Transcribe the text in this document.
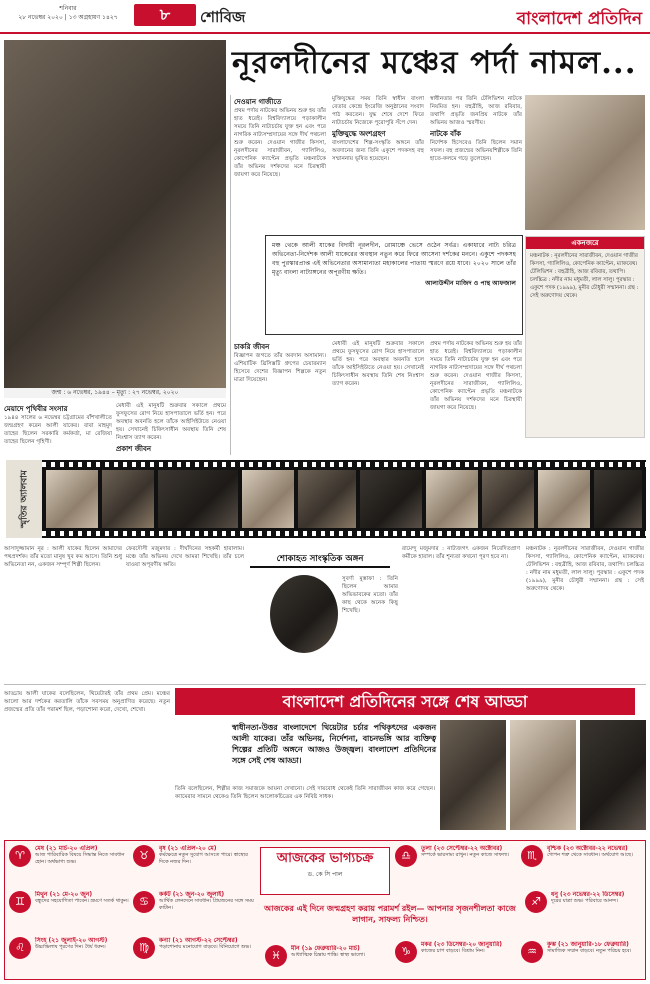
শনিবার
২৮ নভেম্বর ২০২০ | ১৩ অগ্রহায়ণ ১৪২৭	৮	শোবিজ	বাংলাদেশ প্রতিদিন
নূরলদীনের মঞ্চের পর্দা নামল...
জন্ম : ৬ নভেম্বর, ১৯৪৪ – মৃত্যু : ২৭ নভেম্বর, ২০২০
মেয়াদে পৃথিবীর সংসার
১৯৪৪ সালের ৬ নভেম্বর চট্টগ্রামের বাঁশখালীতে জন্মগ্রহণ করেন আলী যাকের। বাবা মাহমুদ তাহের ছিলেন সরকারি কর্মকর্তা, মা রেজিয়া তাহের ছিলেন গৃহিণী।
মেধাবী এই মানুষটি শুক্রবার সকালে প্রথমে ফুসফুসের রোগ নিয়ে হাসপাতালে ভর্তি হন। পরে অবস্থার অবনতি হলে তাঁকে আইসিইউতে নেওয়া হয়। সেখানেই চিকিৎসাধীন অবস্থায় তিনি শেষ নিঃশ্বাস ত্যাগ করেন।
প্রকাশ জীবন
দেওয়ান গাজীতে
প্রথম পর্দায় নাটকের অভিনয় শুরু হয় তাঁর হাত ধরেই। বিশ্ববিদ্যালয়ে পড়াকালীন সময়ে তিনি নাট্যচর্চায় যুক্ত হন এবং পরে নাগরিক নাট্যসম্প্রদায়ের সঙ্গে দীর্ঘ পথচলা শুরু করেন। দেওয়ান গাজীর কিসসা, নূরলদীনের সারাজীবন, গ্যালিলিও, কোপেনিক ক্যাপ্টেন প্রভৃতি মঞ্চনাটকে তাঁর অভিনয় দর্শকদের মনে চিরস্থায়ী জায়গা করে নিয়েছে।
চাকরি জীবন
বিজ্ঞাপন জগতে তাঁর অবদান অসামান্য। এশিয়াটিক থ্রিসিক্সটি গ্রুপের চেয়ারম্যান হিসেবে দেশের বিজ্ঞাপন শিল্পকে নতুন মাত্রা দিয়েছেন।
মুক্তিযুদ্ধের সময় তিনি স্বাধীন বাংলা বেতার কেন্দ্রে ইংরেজি অনুষ্ঠানের সংবাদ পাঠ করতেন। যুদ্ধ শেষে দেশে ফিরে নাট্যচর্চায় নিজেকে পুরোপুরি সঁপে দেন।
মুক্তিযুদ্ধে অংশগ্রহণ
বাংলাদেশের শিল্প-সংস্কৃতি অঙ্গনে তাঁর অবদানের জন্য তিনি একুশে পদকসহ বহু সম্মাননায় ভূষিত হয়েছেন।
মেধাবী এই মানুষটি শুক্রবার সকালে প্রথমে ফুসফুসের রোগ নিয়ে হাসপাতালে ভর্তি হন। পরে অবস্থার অবনতি হলে তাঁকে আইসিইউতে নেওয়া হয়। সেখানেই চিকিৎসাধীন অবস্থায় তিনি শেষ নিঃশ্বাস ত্যাগ করেন।
স্বাধীনতার পর তিনি টেলিভিশন নাটকে নিয়মিত হন। বহুব্রীহি, আজ রবিবার, তথাপি প্রভৃতি জনপ্রিয় নাটকে তাঁর অভিনয় আজও স্মরণীয়।
নাটকে বাঁক
নির্দেশক হিসেবেও তিনি ছিলেন সমান সফল। বহু প্রজন্মের অভিনয়শিল্পীকে তিনি হাতে-কলমে গড়ে তুলেছেন।
প্রথম পর্দায় নাটকের অভিনয় শুরু হয় তাঁর হাত ধরেই। বিশ্ববিদ্যালয়ে পড়াকালীন সময়ে তিনি নাট্যচর্চায় যুক্ত হন এবং পরে নাগরিক নাট্যসম্প্রদায়ের সঙ্গে দীর্ঘ পথচলা শুরু করেন। দেওয়ান গাজীর কিসসা, নূরলদীনের সারাজীবন, গ্যালিলিও, কোপেনিক ক্যাপ্টেন প্রভৃতি মঞ্চনাটকে তাঁর অভিনয় দর্শকদের মনে চিরস্থায়ী জায়গা করে নিয়েছে।
মঞ্চ থেকে আলী যাকের বিদায়ী নূরলদীন, রোমাঞ্চে ভেসে ওঠেন সর্বত্র। একাধারে নাট্য চরিত্র অভিনেতা-নির্দেশক আলী যাকেরের অবস্থান নতুন করে ফিরে আসেনা দর্শকের মননে। একুশে পদকসহ বহু পুরস্কারপ্রাপ্ত এই অভিনেতার অসামান্যতা মহাকালের পাতায় স্মরণে রয়ে যাবে। ২০২০ সালে তাঁর মৃত্যু বাংলা নাট্যাঙ্গনের অপূরণীয় ক্ষতি।
আলাউদ্দীন মাজিদ ও পান্থ আফজাল
একনজরে
মঞ্চনাটক : নূরলদীনের সারাজীবন, দেওয়ান গাজীর কিসসা, গ্যালিলিও, কোপেনিক ক্যাপ্টেন, ম্যাকবেথ। টেলিভিশন : বহুব্রীহি, আজ রবিবার, তথাপি। চলচ্চিত্র : নদীর নাম মধুমতী, লাল সালু। পুরস্কার : একুশে পদক (১৯৯৯), মুনীর চৌধুরী সম্মাননা। গ্রন্থ : সেই অরুণোদয় থেকে।
স্মৃতির অ্যালবাম
আসাদুজ্জামান নূর : আলী যাকের ছিলেন আমাদের পথপ্রদর্শক। তাঁর মতো মানুষ খুব কম আসে। তিনি শুধু অভিনেতা নন, একজন সম্পূর্ণ শিল্পী ছিলেন।
ফেরদৌসী মজুমদার : দীর্ঘদিনের সহকর্মী হারালাম। মঞ্চে তাঁর অভিনয় দেখে আমরা শিখেছি। তাঁর চলে যাওয়া অপূরণীয় ক্ষতি।
শোকাহত সাংস্কৃতিক অঙ্গন
সুবর্ণা মুস্তাফা : তিনি ছিলেন আমার অভিভাবকের মতো। তাঁর কাছ থেকে অনেক কিছু শিখেছি।
রামেন্দু মজুমদার : নাট্যজগৎ একজন নিবেদিতপ্রাণ কর্মীকে হারাল। তাঁর শূন্যতা কখনো পূরণ হবে না।
মঞ্চনাটক : নূরলদীনের সারাজীবন, দেওয়ান গাজীর কিসসা, গ্যালিলিও, কোপেনিক ক্যাপ্টেন, ম্যাকবেথ। টেলিভিশন : বহুব্রীহি, আজ রবিবার, তথাপি। চলচ্চিত্র : নদীর নাম মধুমতী, লাল সালু। পুরস্কার : একুশে পদক (১৯৯৯), মুনীর চৌধুরী সম্মাননা। গ্রন্থ : সেই অরুণোদয় থেকে।
আড্ডায় আলী যাকের বলেছিলেন, থিয়েটারই তাঁর প্রথম প্রেম। মঞ্চের আলো আর দর্শকের করতালি তাঁকে সবসময় অনুপ্রাণিত করেছে। নতুন প্রজন্মের প্রতি তাঁর পরামর্শ ছিল, পড়াশোনা করো, দেখো, শেখো।	বাংলাদেশ প্রতিদিনের সঙ্গে শেষ আড্ডা
স্বাধীনতা-উত্তর বাংলাদেশে থিয়েটার চর্চার পথিকৃৎদের একজন আলী যাকের। তাঁর অভিনয়, নির্দেশনা, বাচনভঙ্গি আর ব্যক্তিত্ব শিল্পের প্রতিটি অঙ্গনে আজও উজ্জ্বল। বাংলাদেশ প্রতিদিনের সঙ্গে সেই শেষ আড্ডা।
তিনি বলেছিলেন, শিল্পীর কাজ সমাজকে আয়না দেখানো। সেই দায়বোধ থেকেই তিনি সারাজীবন কাজ করে গেছেন। ক্যামেরার সামনে থেকেও তিনি ছিলেন আলোকচিত্রের এক নিবিষ্ট সাধক।
আজকের ভাগ্যচক্র
ড. কে সি পাল
আজকের এই দিনে জন্মগ্রহণ করায় পরামর্শ রইল— আপনার সৃজনশীলতা কাজে লাগান, সাফল্য নিশ্চিত।
♈
মেষ (২১ মার্চ-২০ এপ্রিল)
আজ পারিবারিক বিষয়ে সিদ্ধান্ত নিতে সাবধান হোন। অর্থভাগ্য শুভ।	♉
বৃষ (২১ এপ্রিল-২০ মে)
কর্মক্ষেত্রে নতুন সুযোগ আসতে পারে। স্বাস্থ্যের দিকে নজর দিন।
♊
মিথুন (২১ মে-২০ জুন)
বন্ধুদের সহযোগিতা পাবেন। ভ্রমণে সতর্ক থাকুন। ♋
কর্কট (২১ জুন-২০ জুলাই)
আর্থিক লেনদেনে সাবধান। প্রিয়জনের সঙ্গে সময় কাটান।
♌
সিংহ (২১ জুলাই-২০ আগস্ট)
উচ্চাভিলাষ পূরণের দিন। ধৈর্য ধরুন।	♍
কন্যা (২১ আগস্ট-২২ সেপ্টেম্বর)
পড়াশোনায় মনোযোগ বাড়বে। বিনিয়োগে শুভ।
♎
তুলা (২৩ সেপ্টেম্বর-২২ অক্টোবর)
সম্পর্কে ভারসাম্য রাখুন। নতুন কাজে সাফল্য।	♏
বৃশ্চিক (২৩ অক্টোবর-২২ নভেম্বর)
গোপন শত্রু থেকে সাবধান। অর্থযোগ আছে।
♐
ধনু (২৩ নভেম্বর-২২ ডিসেম্বর)
দূরের যাত্রা শুভ। পরিবারে আনন্দ।
♑
মকর (২৩ ডিসেম্বর-২০ জানুয়ারি)
কাজের চাপ বাড়বে। বিশ্রাম নিন।	♒
কুম্ভ (২১ জানুয়ারি-১৮ ফেব্রুয়ারি)
সামাজিক সম্মান বাড়বে। নতুন পরিচয় হবে।
♓
মীন (১৯ ফেব্রুয়ারি-২০ মার্চ)
আধ্যাত্মিক চিন্তায় শান্তি। স্বাস্থ্য ভালো।
